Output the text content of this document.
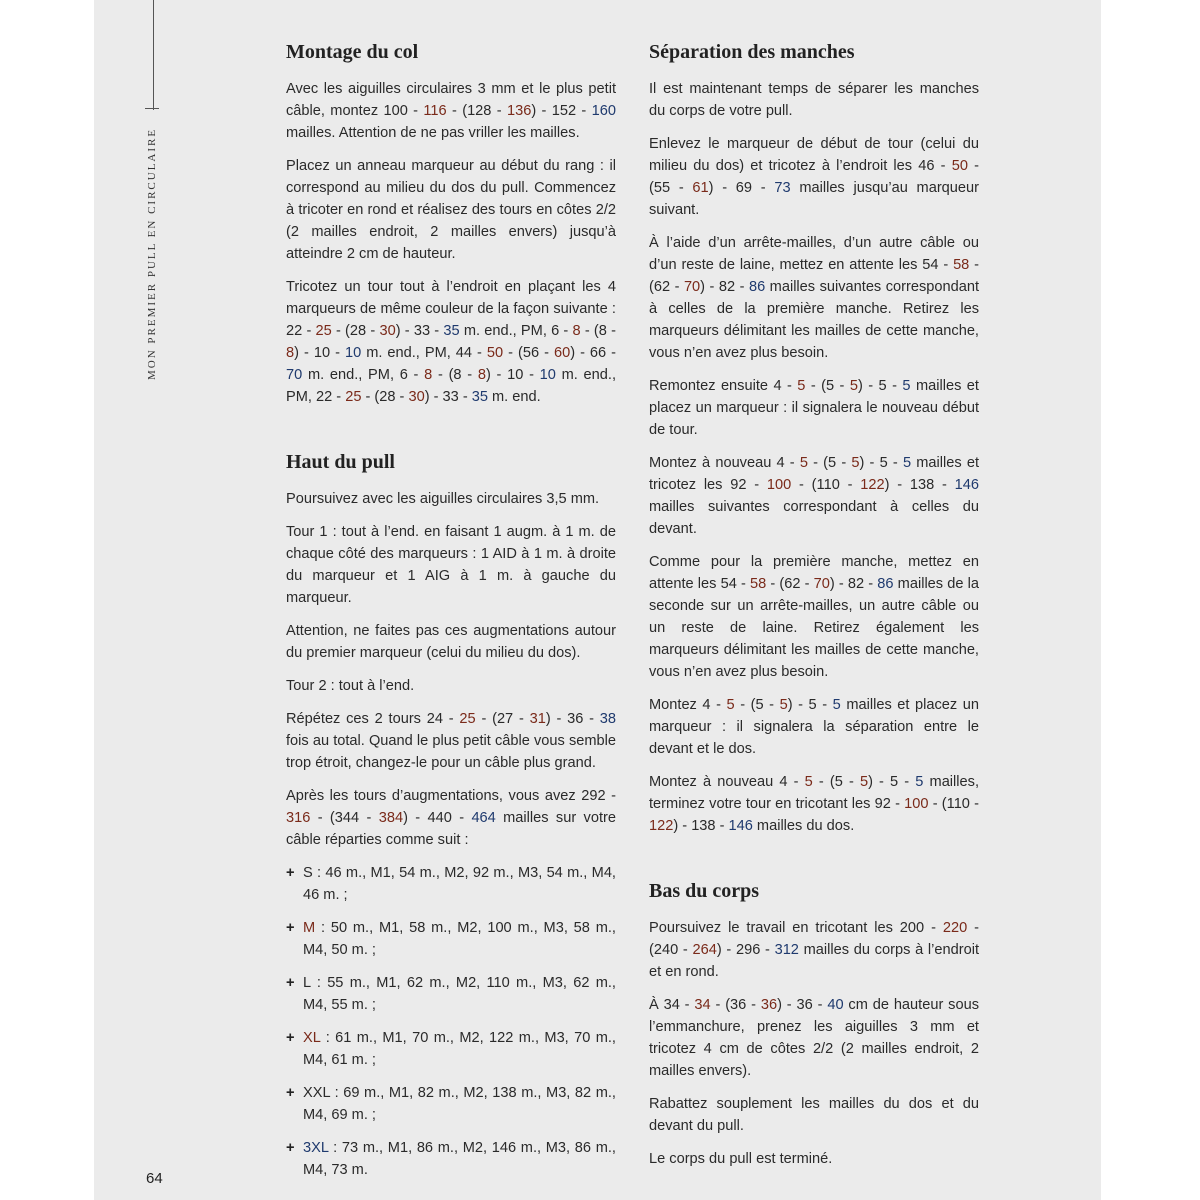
MON PREMIER PULL EN CIRCULAIRE
64
Montage du col

Avec les aiguilles circulaires 3 mm et le plus petit câble, montez 100 - 116 - (128 - 136) - 152 - 160 mailles. Attention de ne pas vriller les mailles.

Placez un anneau marqueur au début du rang : il correspond au milieu du dos du pull. Commencez à tricoter en rond et réalisez des tours en côtes 2/2 (2 mailles endroit, 2 mailles envers) jusqu’à atteindre 2 cm de hauteur.

Tricotez un tour tout à l’endroit en plaçant les 4 marqueurs de même couleur de la façon suivante : 22 - 25 - (28 - 30) - 33 - 35 m. end., PM, 6 - 8 - (8 - 8) - 10 - 10 m. end., PM, 44 - 50 - (56 - 60) - 66 - 70 m. end., PM, 6 - 8 - (8 - 8) - 10 - 10 m. end., PM, 22 - 25 - (28 - 30) - 33 - 35 m. end.

Haut du pull

Poursuivez avec les aiguilles circulaires 3,5 mm.

Tour 1 : tout à l’end. en faisant 1 augm. à 1 m. de chaque côté des marqueurs : 1 AID à 1 m. à droite du marqueur et 1 AIG à 1 m. à gauche du marqueur.

Attention, ne faites pas ces augmentations autour du premier marqueur (celui du milieu du dos).

Tour 2 : tout à l’end.

Répétez ces 2 tours 24 - 25 - (27 - 31) - 36 - 38 fois au total. Quand le plus petit câble vous semble trop étroit, changez-le pour un câble plus grand.

Après les tours d’augmentations, vous avez 292 - 316 - (344 - 384) - 440 - 464 mailles sur votre câble réparties comme suit :

+ S : 46 m., M1, 54 m., M2, 92 m., M3, 54 m., M4, 46 m. ;
+ M : 50 m., M1, 58 m., M2, 100 m., M3, 58 m., M4, 50 m. ;
+ L : 55 m., M1, 62 m., M2, 110 m., M3, 62 m., M4, 55 m. ;
+ XL : 61 m., M1, 70 m., M2, 122 m., M3, 70 m., M4, 61 m. ;
+ XXL : 69 m., M1, 82 m., M2, 138 m., M3, 82 m., M4, 69 m. ;
+ 3XL : 73 m., M1, 86 m., M2, 146 m., M3, 86 m., M4, 73 m.
Séparation des manches

Il est maintenant temps de séparer les manches du corps de votre pull.

Enlevez le marqueur de début de tour (celui du milieu du dos) et tricotez à l’endroit les 46 - 50 - (55 - 61) - 69 - 73 mailles jusqu’au marqueur suivant.

À l’aide d’un arrête-mailles, d’un autre câble ou d’un reste de laine, mettez en attente les 54 - 58 - (62 - 70) - 82 - 86 mailles suivantes correspondant à celles de la première manche. Retirez les marqueurs délimitant les mailles de cette manche, vous n’en avez plus besoin.

Remontez ensuite 4 - 5 - (5 - 5) - 5 - 5 mailles et placez un marqueur : il signalera le nouveau début de tour.

Montez à nouveau 4 - 5 - (5 - 5) - 5 - 5 mailles et tricotez les 92 - 100 - (110 - 122) - 138 - 146 mailles suivantes correspondant à celles du devant.

Comme pour la première manche, mettez en attente les 54 - 58 - (62 - 70) - 82 - 86 mailles de la seconde sur un arrête-mailles, un autre câble ou un reste de laine. Retirez également les marqueurs délimitant les mailles de cette manche, vous n’en avez plus besoin.

Montez 4 - 5 - (5 - 5) - 5 - 5 mailles et placez un marqueur : il signalera la séparation entre le devant et le dos.

Montez à nouveau 4 - 5 - (5 - 5) - 5 - 5 mailles, terminez votre tour en tricotant les 92 - 100 - (110 - 122) - 138 - 146 mailles du dos.

Bas du corps

Poursuivez le travail en tricotant les 200 - 220 - (240 - 264) - 296 - 312 mailles du corps à l’endroit et en rond.

À 34 - 34 - (36 - 36) - 36 - 40 cm de hauteur sous l’emmanchure, prenez les aiguilles 3 mm et tricotez 4 cm de côtes 2/2 (2 mailles endroit, 2 mailles envers).

Rabattez souplement les mailles du dos et du devant du pull.

Le corps du pull est terminé.
